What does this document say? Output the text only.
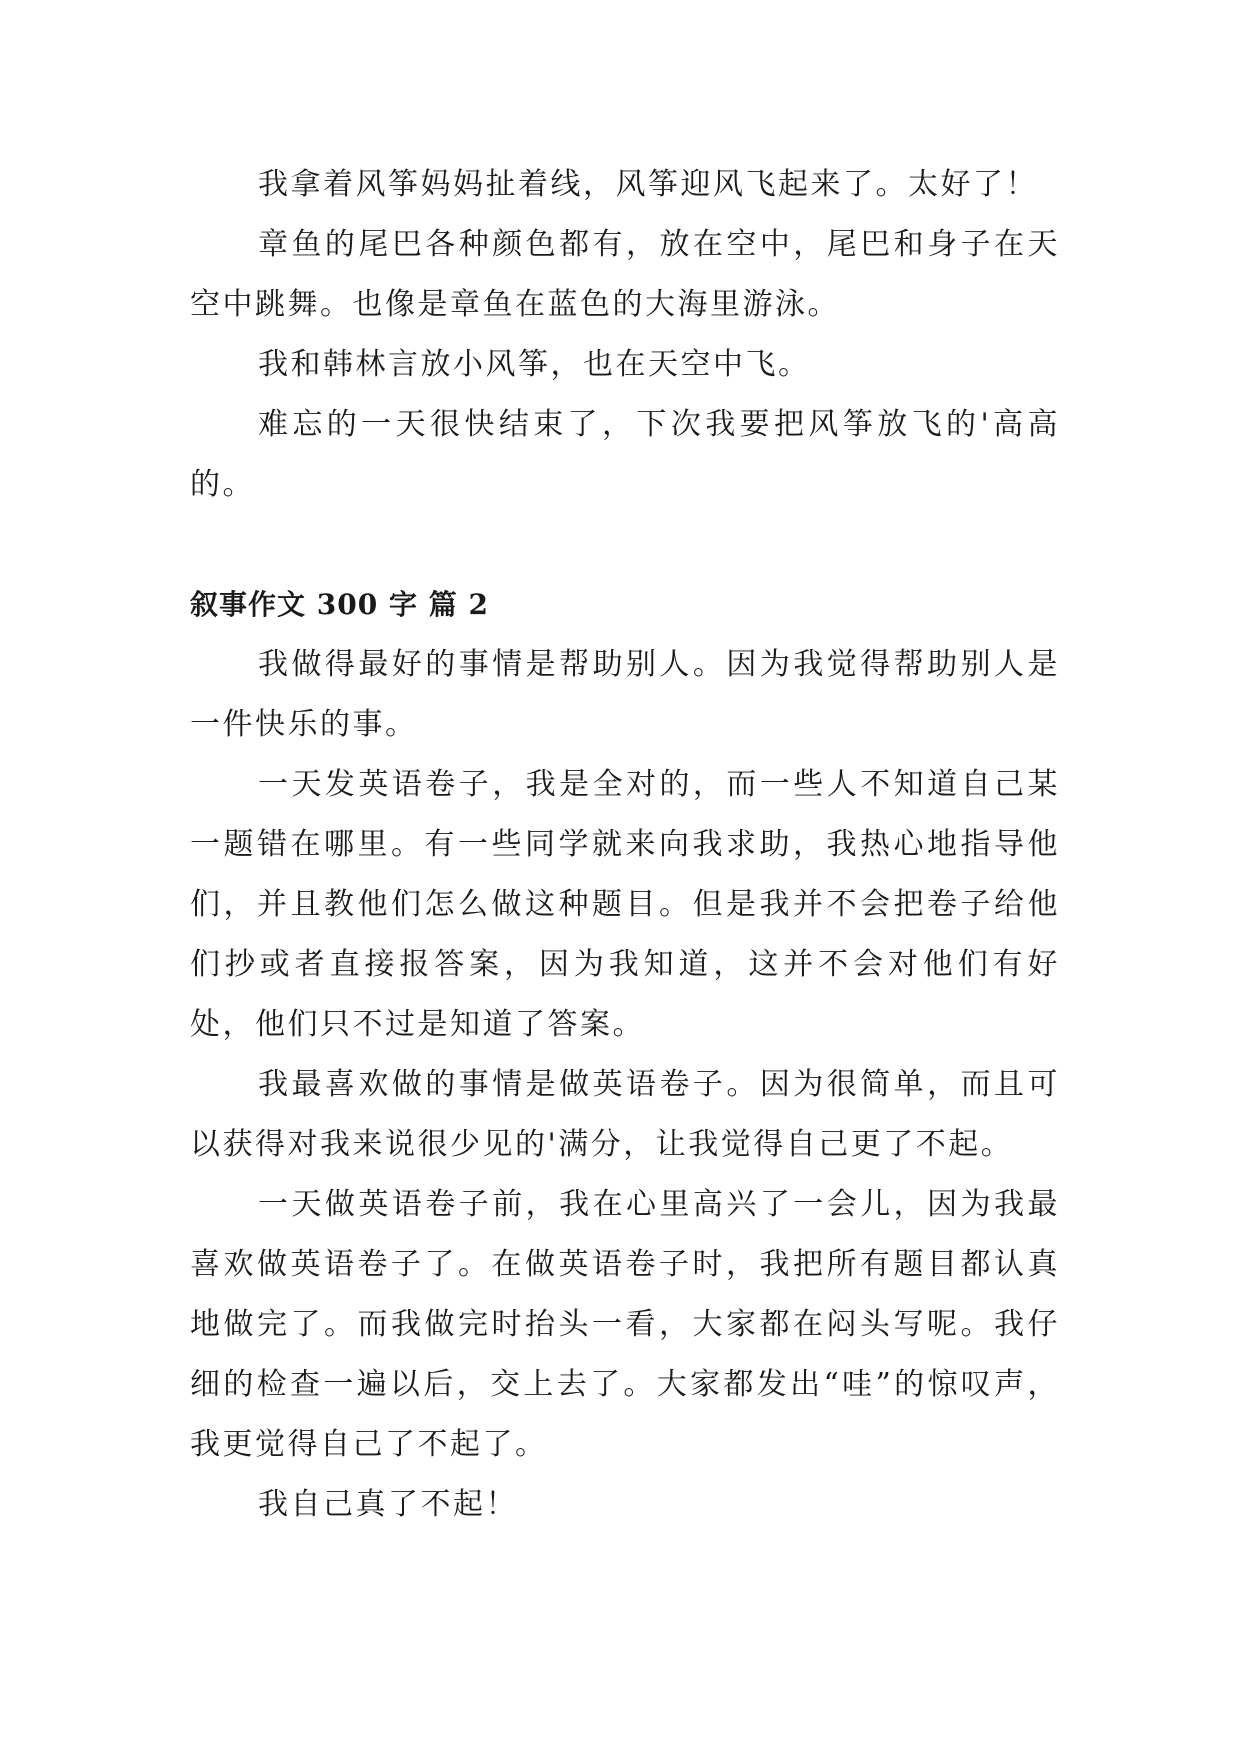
我拿着风筝妈妈扯着线，风筝迎风飞起来了。太好了！

章鱼的尾巴各种颜色都有，放在空中，尾巴和身子在天空中跳舞。也像是章鱼在蓝色的大海里游泳。

我和韩林言放小风筝，也在天空中飞。

难忘的一天很快结束了，下次我要把风筝放飞的'高高的。

叙事作文 300 字 篇 2

我做得最好的事情是帮助别人。因为我觉得帮助别人是一件快乐的事。

一天发英语卷子，我是全对的，而一些人不知道自己某一题错在哪里。有一些同学就来向我求助，我热心地指导他们，并且教他们怎么做这种题目。但是我并不会把卷子给他们抄或者直接报答案，因为我知道，这并不会对他们有好处，他们只不过是知道了答案。

我最喜欢做的事情是做英语卷子。因为很简单，而且可以获得对我来说很少见的'满分，让我觉得自己更了不起。

一天做英语卷子前，我在心里高兴了一会儿，因为我最喜欢做英语卷子了。在做英语卷子时，我把所有题目都认真地做完了。而我做完时抬头一看，大家都在闷头写呢。我仔细的检查一遍以后，交上去了。大家都发出“哇”的惊叹声，我更觉得自己了不起了。

我自己真了不起！
